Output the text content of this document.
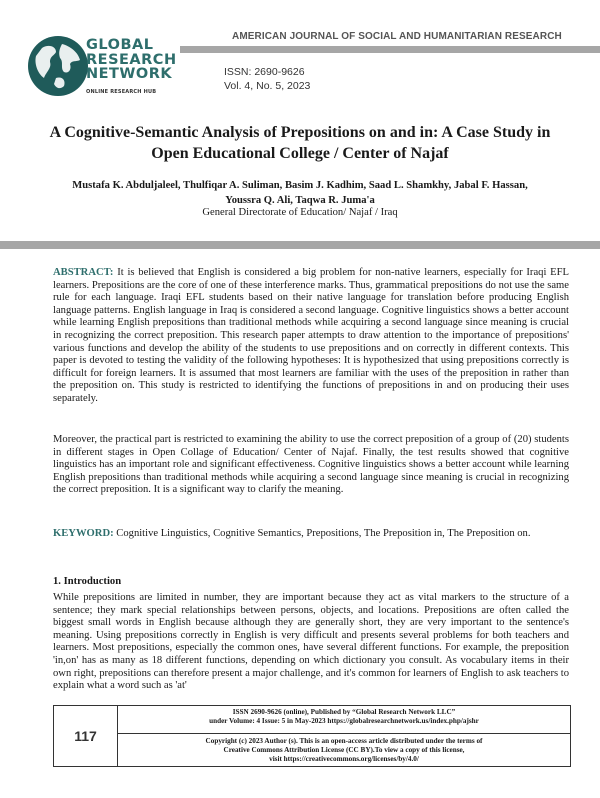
GLOBAL
RESEARCH
NETWORK
ONLINE RESEARCH HUB
AMERICAN JOURNAL OF SOCIAL AND HUMANITARIAN RESEARCH
ISSN: 2690-9626
Vol. 4, No. 5, 2023
A Cognitive-Semantic Analysis of Prepositions on and in: A Case Study in Open Educational College / Center of Najaf
Mustafa K. Abduljaleel, Thulfiqar A. Suliman, Basim J. Kadhim, Saad L. Shamkhy, Jabal F. Hassan, Youssra Q. Ali, Taqwa R. Juma'a
General Directorate of Education/ Najaf / Iraq
ABSTRACT: It is believed that English is considered a big problem for non-native learners, especially for Iraqi EFL learners. Prepositions are the core of one of these interference marks. Thus, grammatical prepositions do not use the same rule for each language. Iraqi EFL students based on their native language for translation before producing English language patterns. English language in Iraq is considered a second language. Cognitive linguistics shows a better account while learning English prepositions than traditional methods while acquiring a second language since meaning is crucial in recognizing the correct preposition. This research paper attempts to draw attention to the importance of prepositions' various functions and develop the ability of the students to use prepositions and on correctly in different contexts. This paper is devoted to testing the validity of the following hypotheses: It is hypothesized that using prepositions correctly is difficult for foreign learners. It is assumed that most learners are familiar with the uses of the preposition in rather than the preposition on. This study is restricted to identifying the functions of prepositions in and on producing their uses separately.
Moreover, the practical part is restricted to examining the ability to use the correct preposition of a group of (20) students in different stages in Open Collage of Education/ Center of Najaf. Finally, the test results showed that cognitive linguistics has an important role and significant effectiveness. Cognitive linguistics shows a better account while learning English prepositions than traditional methods while acquiring a second language since meaning is crucial in recognizing the correct preposition. It is a significant way to clarify the meaning.
KEYWORD: Cognitive Linguistics, Cognitive Semantics, Prepositions, The Preposition in, The Preposition on.
1. Introduction
While prepositions are limited in number, they are important because they act as vital markers to the structure of a sentence; they mark special relationships between persons, objects, and locations. Prepositions are often called the biggest small words in English because although they are generally short, they are very important to the sentence's meaning. Using prepositions correctly in English is very difficult and presents several problems for both teachers and learners. Most prepositions, especially the common ones, have several different functions. For example, the preposition 'in,on' has as many as 18 different functions, depending on which dictionary you consult. As vocabulary items in their own right, prepositions can therefore present a major challenge, and it's common for learners of English to ask teachers to explain what a word such as 'at'
117
ISSN 2690-9626 (online), Published by “Global Research Network LLC”
under Volume: 4 Issue: 5 in May-2023 https://globalresearchnetwork.us/index.php/ajshr
Copyright (c) 2023 Author (s). This is an open-access article distributed under the terms of
Creative Commons Attribution License (CC BY).To view a copy of this license,
visit https://creativecommons.org/licenses/by/4.0/
